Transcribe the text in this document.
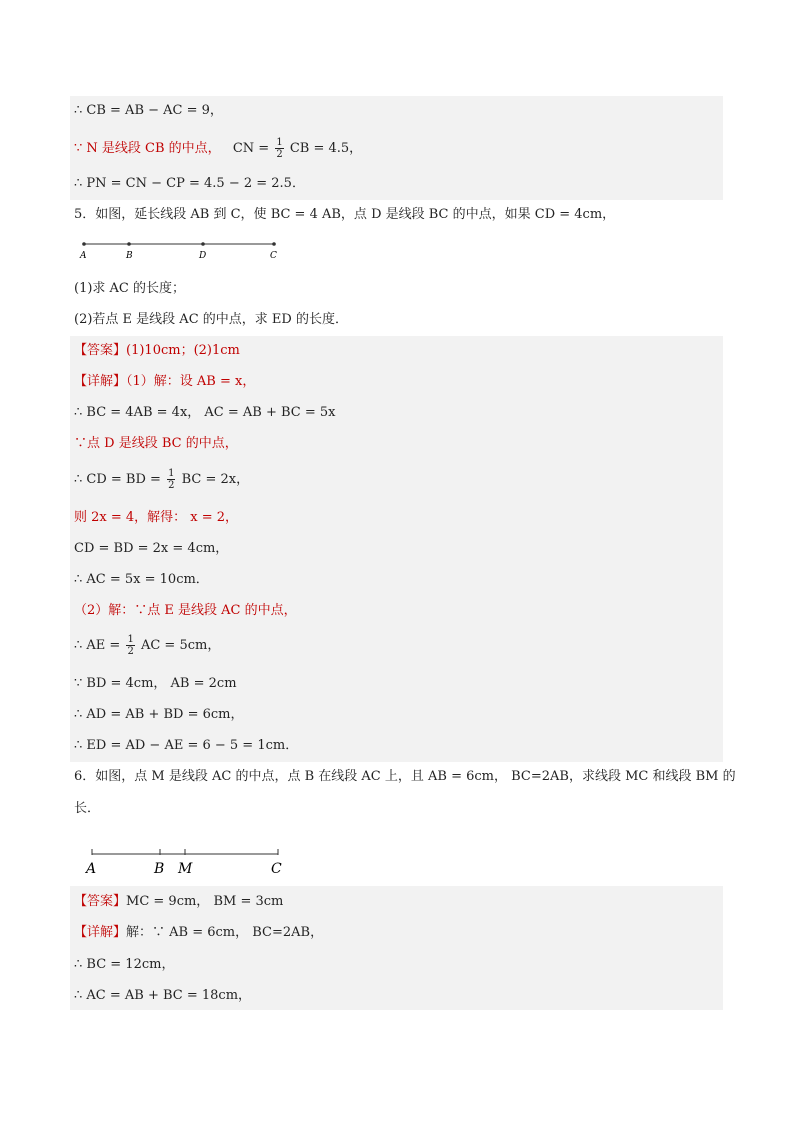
∴ CB = AB − AC = 9，
∵ N 是线段 CB 的中点， CN = $\frac{1}{2}$ CB = 4.5，
∴ PN = CN − CP = 4.5 − 2 = 2.5．
5．如图，延长线段 AB 到 C，使 BC = 4 AB，点 D 是线段 BC 的中点，如果 CD = 4cm，
A	B	D	C
(1)求 AC 的长度；
(2)若点 E 是线段 AC 的中点，求 ED 的长度．
【答案】(1)10cm；(2)1cm
【详解】（1）解：设 AB = x，
∴ BC = 4AB = 4x， AC = AB + BC = 5x
∵点 D 是线段 BC 的中点，
∴ CD = BD = $\frac{1}{2}$ BC = 2x，
则 2x = 4，解得： x = 2，
CD = BD = 2x = 4cm，
∴ AC = 5x = 10cm．
（2）解：∵点 E 是线段 AC 的中点，
∴ AE = $\frac{1}{2}$ AC = 5cm，
∵ BD = 4cm， AB = 2cm
∴ AD = AB + BD = 6cm，
∴ ED = AD − AE = 6 − 5 = 1cm．
6．如图，点 M 是线段 AC 的中点，点 B 在线段 AC 上，且 AB = 6cm， BC=2AB，求线段 MC 和线段 BM 的
长．
A	B M	C
【答案】MC = 9cm， BM = 3cm
【详解】解：∵ AB = 6cm， BC=2AB，
∴ BC = 12cm，
∴ AC = AB + BC = 18cm，
